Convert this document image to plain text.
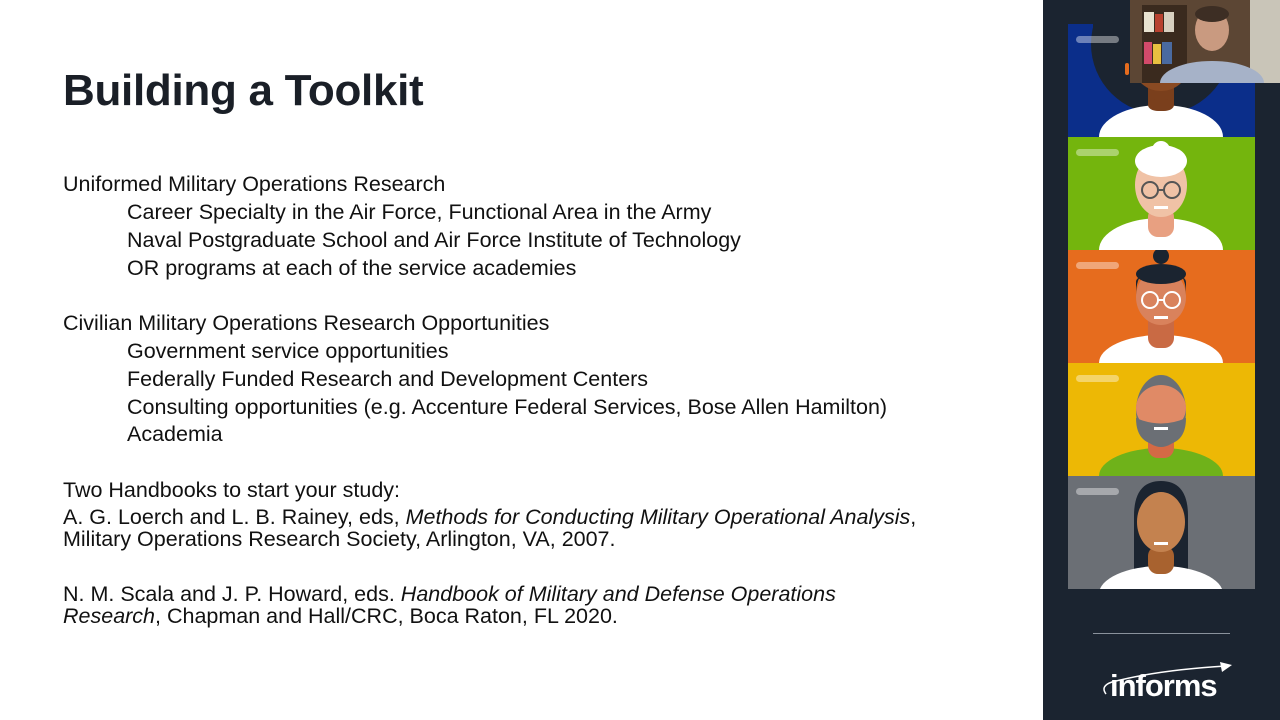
Building a Toolkit
Uniformed Military Operations Research
Career Specialty in the Air Force, Functional Area in the Army
Naval Postgraduate School and Air Force Institute of Technology
OR programs at each of the service academies
Civilian Military Operations Research Opportunities
Government service opportunities
Federally Funded Research and Development Centers
Consulting opportunities (e.g. Accenture Federal Services, Bose Allen Hamilton)
Academia
Two Handbooks to start your study:
A. G. Loerch and L. B. Rainey, eds, Methods for Conducting Military Operational Analysis,
Military Operations Research Society, Arlington, VA, 2007.
N. M. Scala and J. P. Howard, eds. Handbook of Military and Defense Operations
Research, Chapman and Hall/CRC, Boca Raton, FL 2020.
informs
